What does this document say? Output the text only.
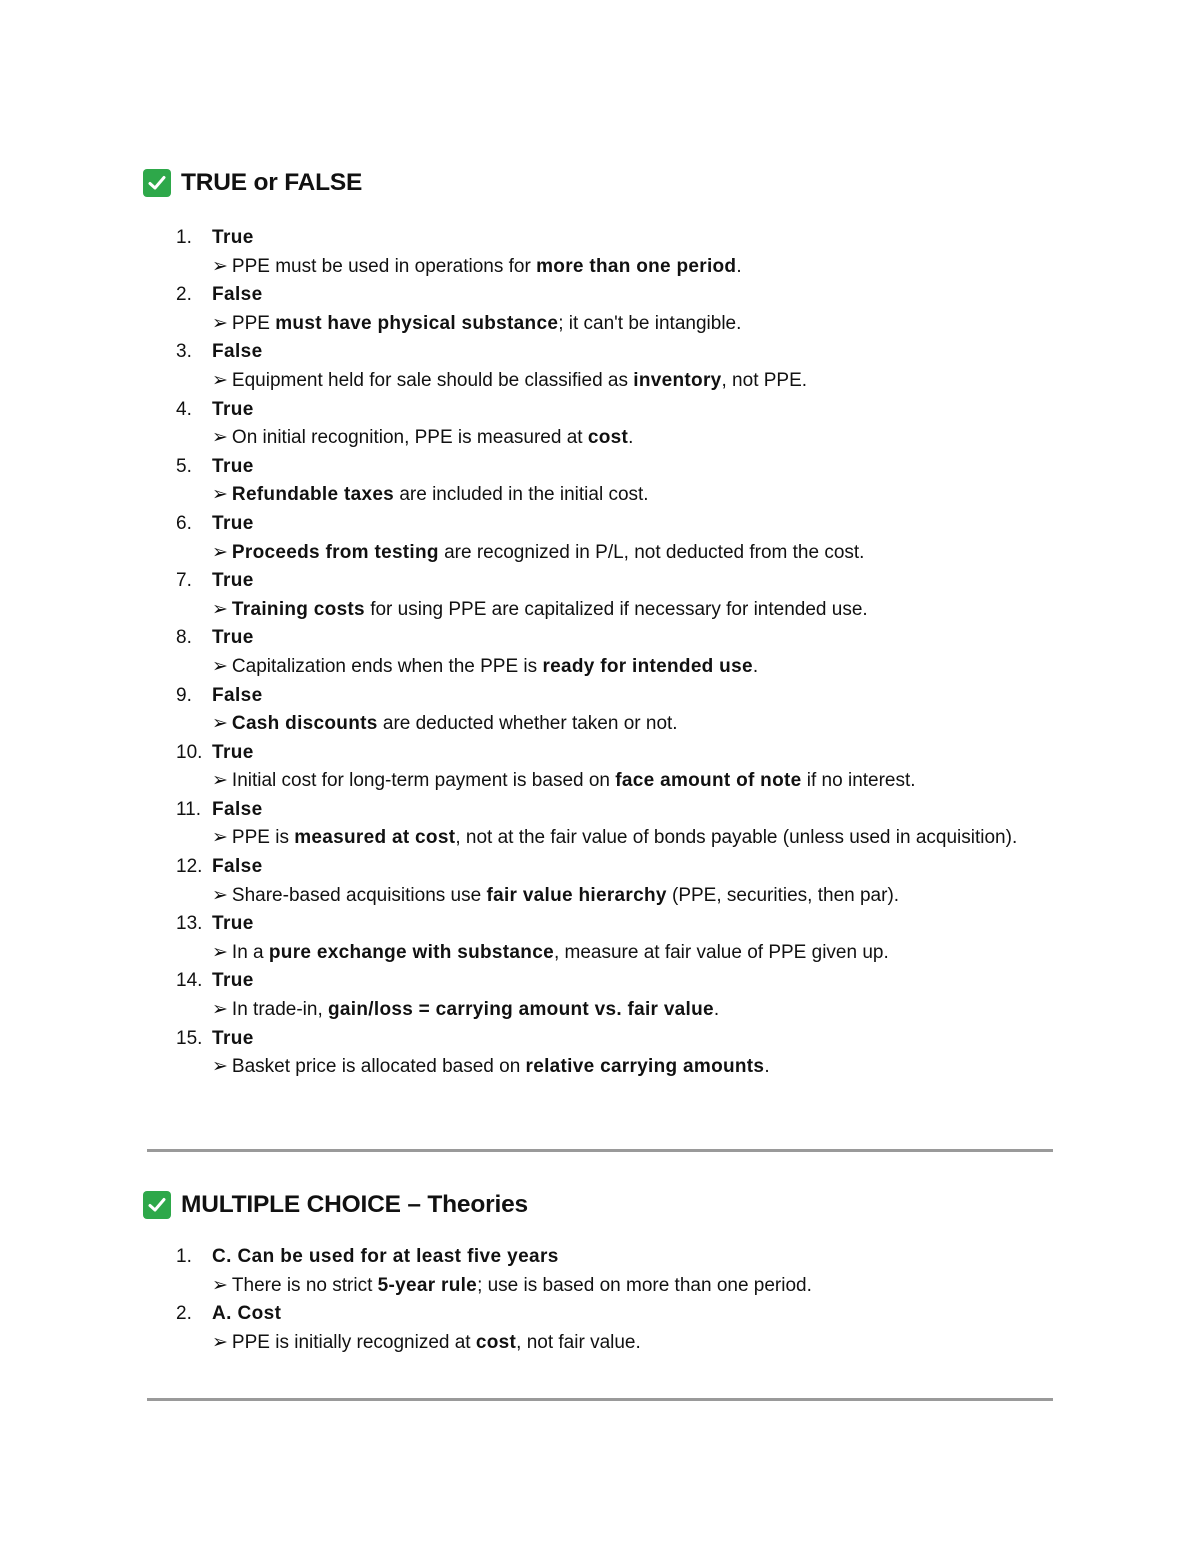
TRUE or FALSE
1.	True
➢ PPE must be used in operations for more than one period.
2.	False
➢ PPE must have physical substance; it can't be intangible.
3.	False
➢ Equipment held for sale should be classified as inventory, not PPE.
4.	True
➢ On initial recognition, PPE is measured at cost.
5.	True
➢ Refundable taxes are included in the initial cost.
6.	True
➢ Proceeds from testing are recognized in P/L, not deducted from the cost.
7.	True
➢ Training costs for using PPE are capitalized if necessary for intended use.
8.	True
➢ Capitalization ends when the PPE is ready for intended use.
9.	False
➢ Cash discounts are deducted whether taken or not.
10. True
➢ Initial cost for long-term payment is based on face amount of note if no interest.
11. False
➢ PPE is measured at cost, not at the fair value of bonds payable (unless used in acquisition).
12. False
➢ Share-based acquisitions use fair value hierarchy (PPE, securities, then par).
13. True
➢ In a pure exchange with substance, measure at fair value of PPE given up.
14. True
➢ In trade-in, gain/loss = carrying amount vs. fair value.
15. True
➢ Basket price is allocated based on relative carrying amounts.
MULTIPLE CHOICE – Theories
1.	C. Can be used for at least five years
➢ There is no strict 5-year rule; use is based on more than one period.
2.	A. Cost
➢ PPE is initially recognized at cost, not fair value.
